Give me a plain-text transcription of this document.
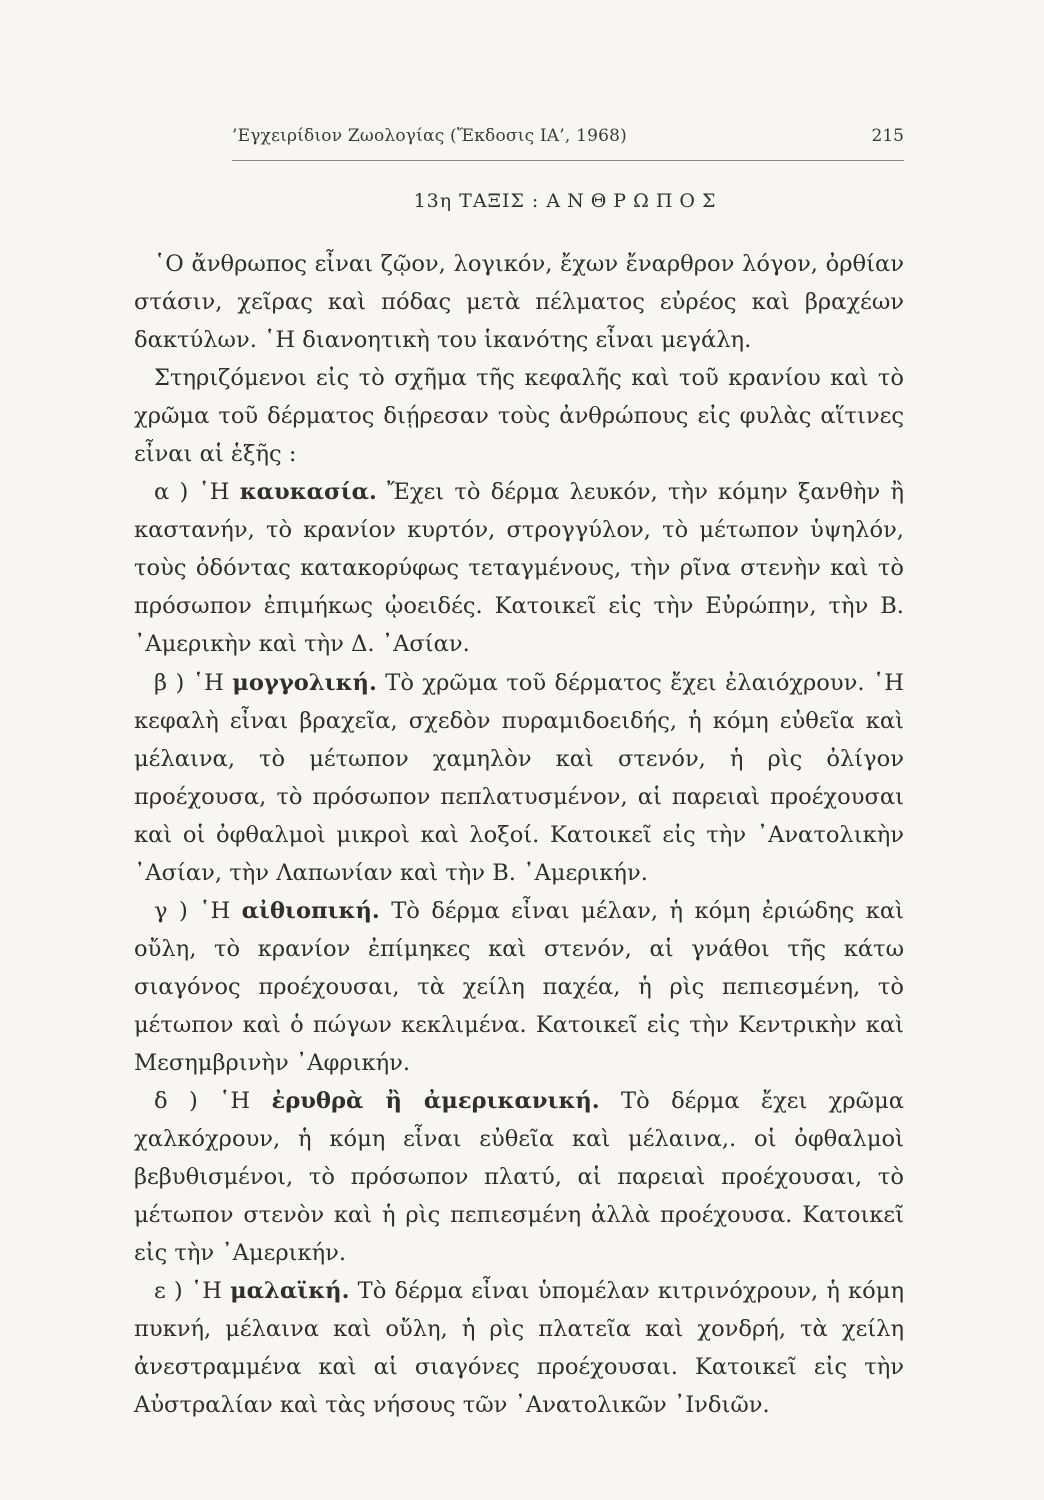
’Εγχειρίδιον Ζωολογίας (Ἔκδοσις ΙΑ’, 1968)	215
13η ΤΑΞΙΣ : ΑΝΘΡΩΠΟΣ

῾Ο ἄνθρωπος εἶναι ζῷον, λογικόν, ἔχων ἔναρθρον λόγον, ὀρθίαν στάσιν, χεῖρας καὶ πόδας μετὰ πέλματος εὐρέος καὶ βραχέων δακτύλων. ῾Η διανοητικὴ του ἱκανότης εἶναι μεγάλη.

Στηριζόμενοι εἰς τὸ σχῆμα τῆς κεφαλῆς καὶ τοῦ κρανίου καὶ τὸ χρῶμα τοῦ δέρματος διῄρεσαν τοὺς ἀνθρώπους εἰς φυλὰς αἵτινες εἶναι αἱ ἑξῆς :

α ) ῾Η καυκασία. Ἔχει τὸ δέρμα λευκόν, τὴν κόμην ξανθὴν ἢ καστανήν, τὸ κρανίον κυρτόν, στρογγύλον, τὸ μέτωπον ὑψηλόν, τοὺς ὀδόντας κατακορύφως τεταγμένους, τὴν ρῖνα στενὴν καὶ τὸ πρόσωπον ἐπιμήκως ᾠοειδές. Κατοικεῖ εἰς τὴν Εὐρώπην, τὴν Β. ᾿Αμερικὴν καὶ τὴν Δ. ᾿Ασίαν.

β ) ῾Η μογγολική. Τὸ χρῶμα τοῦ δέρματος ἔχει ἐλαιόχρουν. ῾Η κεφαλὴ εἶναι βραχεῖα, σχεδὸν πυραμιδοειδής, ἡ κόμη εὐθεῖα καὶ μέλαινα, τὸ μέτωπον χαμηλὸν καὶ στενόν, ἡ ρὶς ὀλίγον προέχουσα, τὸ πρόσωπον πεπλατυσμένον, αἱ παρειαὶ προέχουσαι καὶ οἱ ὀφθαλμοὶ μικροὶ καὶ λοξοί. Κατοικεῖ εἰς τὴν ᾿Ανατολικὴν ᾿Ασίαν, τὴν Λαπωνίαν καὶ τὴν Β. ᾿Αμερικήν.

γ ) ῾Η αἰθιοπική. Τὸ δέρμα εἶναι μέλαν, ἡ κόμη ἐριώδης καὶ οὔλη, τὸ κρανίον ἐπίμηκες καὶ στενόν, αἱ γνάθοι τῆς κάτω σιαγόνος προέχουσαι, τὰ χείλη παχέα, ἡ ρὶς πεπιεσμένη, τὸ μέτωπον καὶ ὁ πώγων κεκλιμένα. Κατοικεῖ εἰς τὴν Κεντρικὴν καὶ Μεσημβρινὴν ᾿Αφρικήν.

δ ) ῾Η ἐρυθρὰ ἢ ἀμερικανική. Τὸ δέρμα ἔχει χρῶμα χαλκόχρουν, ἡ κόμη εἶναι εὐθεῖα καὶ μέλαινα,. οἱ ὀφθαλμοὶ βεβυθισμένοι, τὸ πρόσωπον πλατύ, αἱ παρειαὶ προέχουσαι, τὸ μέτωπον στενὸν καὶ ἡ ρὶς πεπιεσμένη ἀλλὰ προέχουσα. Κατοικεῖ εἰς τὴν ᾿Αμερικήν.

ε ) ῾Η μαλαϊκή. Τὸ δέρμα εἶναι ὑπομέλαν κιτρινόχρουν, ἡ κόμη πυκνή, μέλαινα καὶ οὔλη, ἡ ρὶς πλατεῖα καὶ χονδρή, τὰ χείλη ἀνεστραμμένα καὶ αἱ σιαγόνες προέχουσαι. Κατοικεῖ εἰς τὴν Αὐστραλίαν καὶ τὰς νήσους τῶν ᾿Ανατολικῶν ᾿Ινδιῶν.
